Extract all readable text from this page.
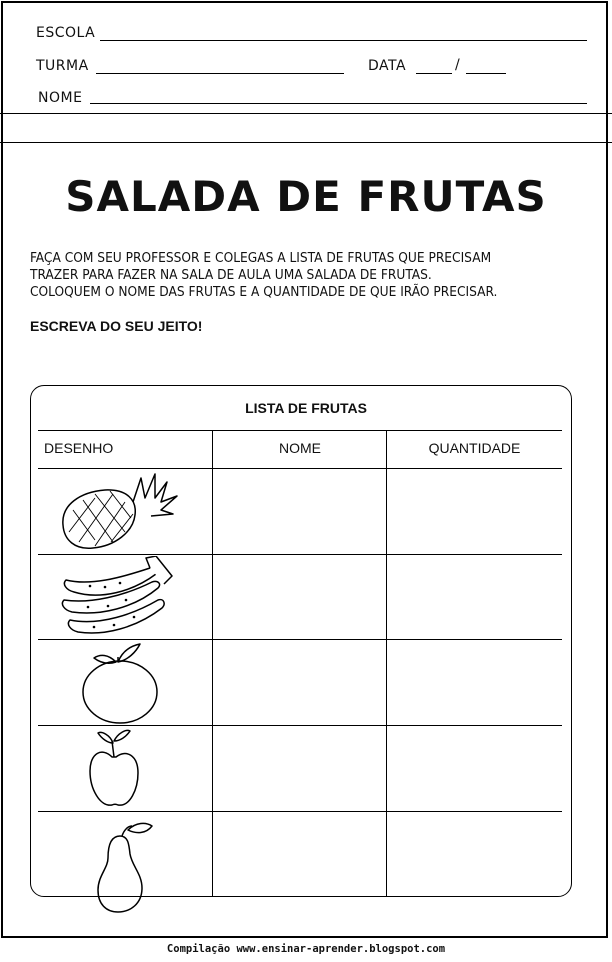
ESCOLA
TURMA	DATA	/
NOME
SALADA DE FRUTAS
FAÇA COM SEU PROFESSOR E COLEGAS A LISTA DE FRUTAS QUE PRECISAM
TRAZER PARA FAZER NA SALA DE AULA UMA SALADA DE FRUTAS.
COLOQUEM O NOME DAS FRUTAS E A QUANTIDADE DE QUE IRÃO PRECISAR.
ESCREVA DO SEU JEITO!
LISTA DE FRUTAS
DESENHO	NOME	QUANTIDADE
Compilação www.ensinar-aprender.blogspot.com
